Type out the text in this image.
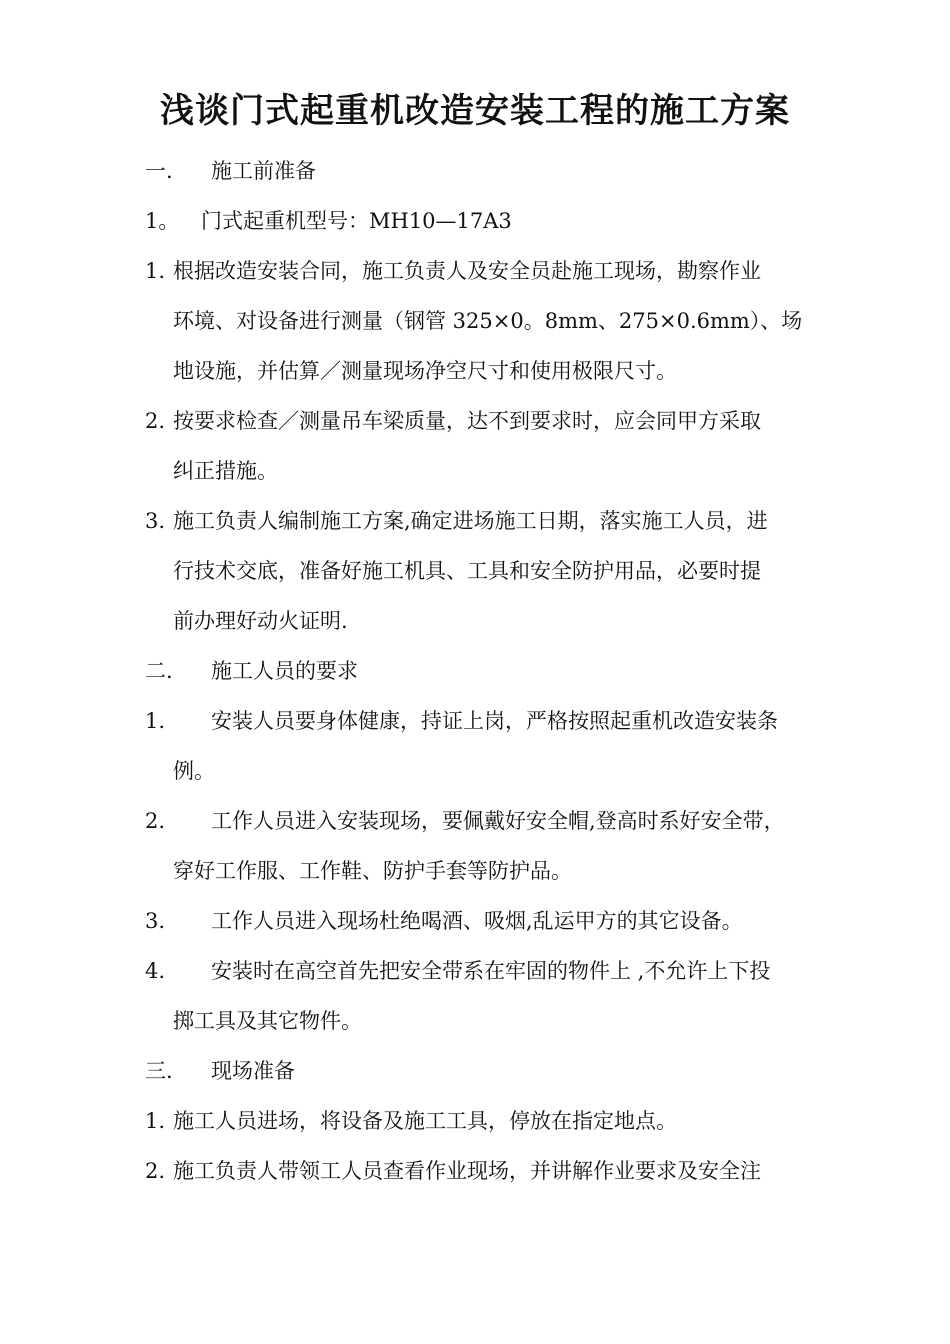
浅谈门式起重机改造安装工程的施工方案
一. 施工前准备
1。 门式起重机型号：MH10—17A3
1. 根据改造安装合同，施工负责人及安全员赴施工现场，勘察作业
环境、对设备进行测量（钢管 325×0。8mm、275×0.6mm）、场
地设施，并估算／测量现场净空尺寸和使用极限尺寸。
2. 按要求检查／测量吊车梁质量，达不到要求时，应会同甲方采取
纠正措施。
3. 施工负责人编制施工方案,确定进场施工日期，落实施工人员，进
行技术交底，准备好施工机具、工具和安全防护用品，必要时提
前办理好动火证明.
二. 施工人员的要求
1. 安装人员要身体健康，持证上岗，严格按照起重机改造安装条
例。
2. 工作人员进入安装现场，要佩戴好安全帽,登高时系好安全带，
穿好工作服、工作鞋、防护手套等防护品。
3. 工作人员进入现场杜绝喝酒、吸烟,乱运甲方的其它设备。
4. 安装时在高空首先把安全带系在牢固的物件上 ,不允许上下投
掷工具及其它物件。
三. 现场准备
1. 施工人员进场，将设备及施工工具，停放在指定地点。
2. 施工负责人带领工人员查看作业现场，并讲解作业要求及安全注
